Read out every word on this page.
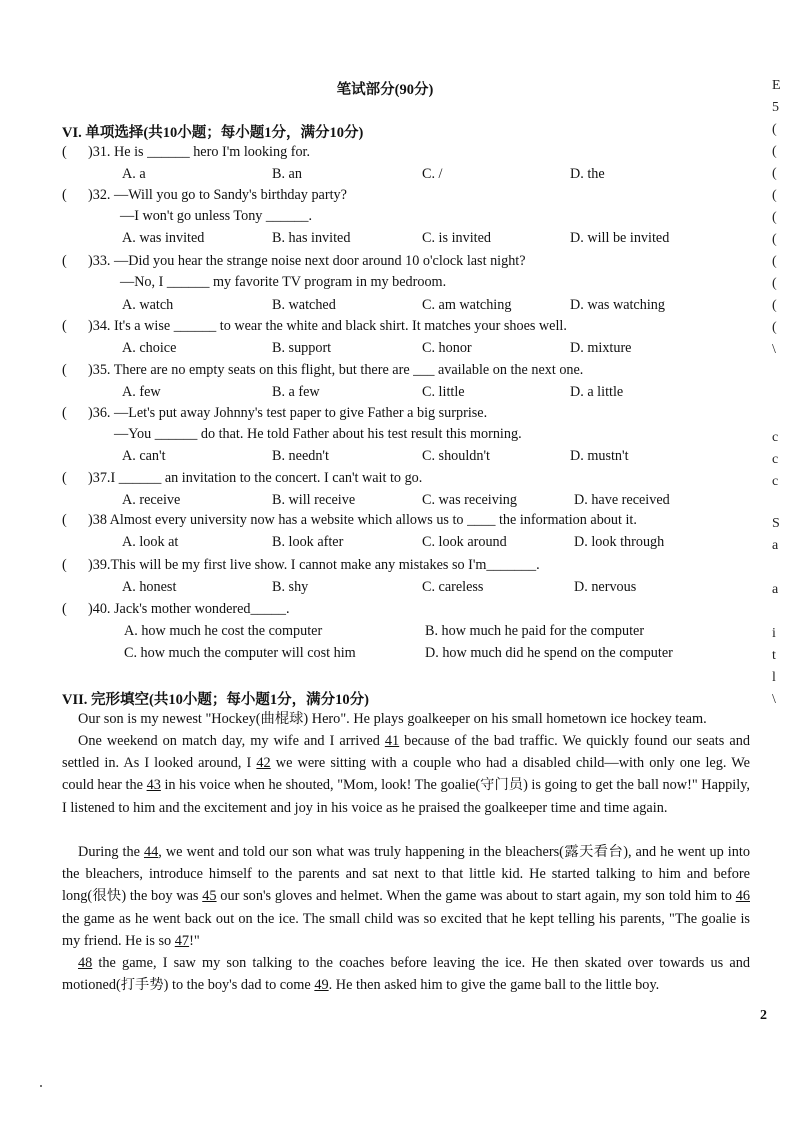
笔试部分(90分)
VI. 单项选择(共10小题；每小题1分，满分10分)
( )31. He is ______ hero I'm looking for.
A. a	B. an	C. /	D. the
( )32. —Will you go to Sandy's birthday party?
—I won't go unless Tony ______.
A. was invited	B. has invited	C. is invited	D. will be invited
( )33. —Did you hear the strange noise next door around 10 o'clock last night?
—No, I ______ my favorite TV program in my bedroom.
A. watch	B. watched	C. am watching	D. was watching
( )34. It's a wise ______ to wear the white and black shirt. It matches your shoes well.
A. choice	B. support	C. honor	D. mixture
( )35. There are no empty seats on this flight, but there are ___ available on the next one.
A. few	B. a few	C. little	D. a little
( )36. —Let's put away Johnny's test paper to give Father a big surprise.
—You ______ do that. He told Father about his test result this morning.
A. can't	B. needn't	C. shouldn't	D. mustn't
( )37.I ______ an invitation to the concert. I can't wait to go.
A. receive	B. will receive	C. was receiving	D. have received
( )38 Almost every university now has a website which allows us to ____ the information about it.
A. look at	B. look after	C. look around	D. look through
( )39.This will be my first live show. I cannot make any mistakes so I'm_______.
A. honest	B. shy	C. careless	D. nervous
( )40. Jack's mother wondered_____.
A. how much he cost the computer	B. how much he paid for the computer
C. how much the computer will cost him	D. how much did he spend on the computer
VII. 完形填空(共10小题；每小题1分，满分10分)
Our son is my newest "Hockey(曲棍球) Hero". He plays goalkeeper on his small hometown ice hockey team.
One weekend on match day, my wife and I arrived 41 because of the bad traffic. We quickly found our seats and settled in. As I looked around, I 42 we were sitting with a couple who had a disabled child—with only one leg. We could hear the 43 in his voice when he shouted, "Mom, look! The goalie(守门员) is going to get the ball now!" Happily, I listened to him and the excitement and joy in his voice as he praised the goalkeeper time and time again.
During the 44, we went and told our son what was truly happening in the bleachers(露天看台), and he went up into the bleachers, introduce himself to the parents and sat next to that little kid. He started talking to him and before long(很快) the boy was 45 our son's gloves and helmet. When the game was about to start again, my son told him to 46 the game as he went back out on the ice. The small child was so excited that he kept telling his parents, "The goalie is my friend. He is so 47!"
48 the game, I saw my son talking to the coaches before leaving the ice. He then skated over towards us and motioned(打手势) to the boy's dad to come 49. He then asked him to give the game ball to the little boy.
E
5
(
(
(
(
(
(
(
(
(
(
\
c
c
c
S
a
a
i
t
l
\
2
